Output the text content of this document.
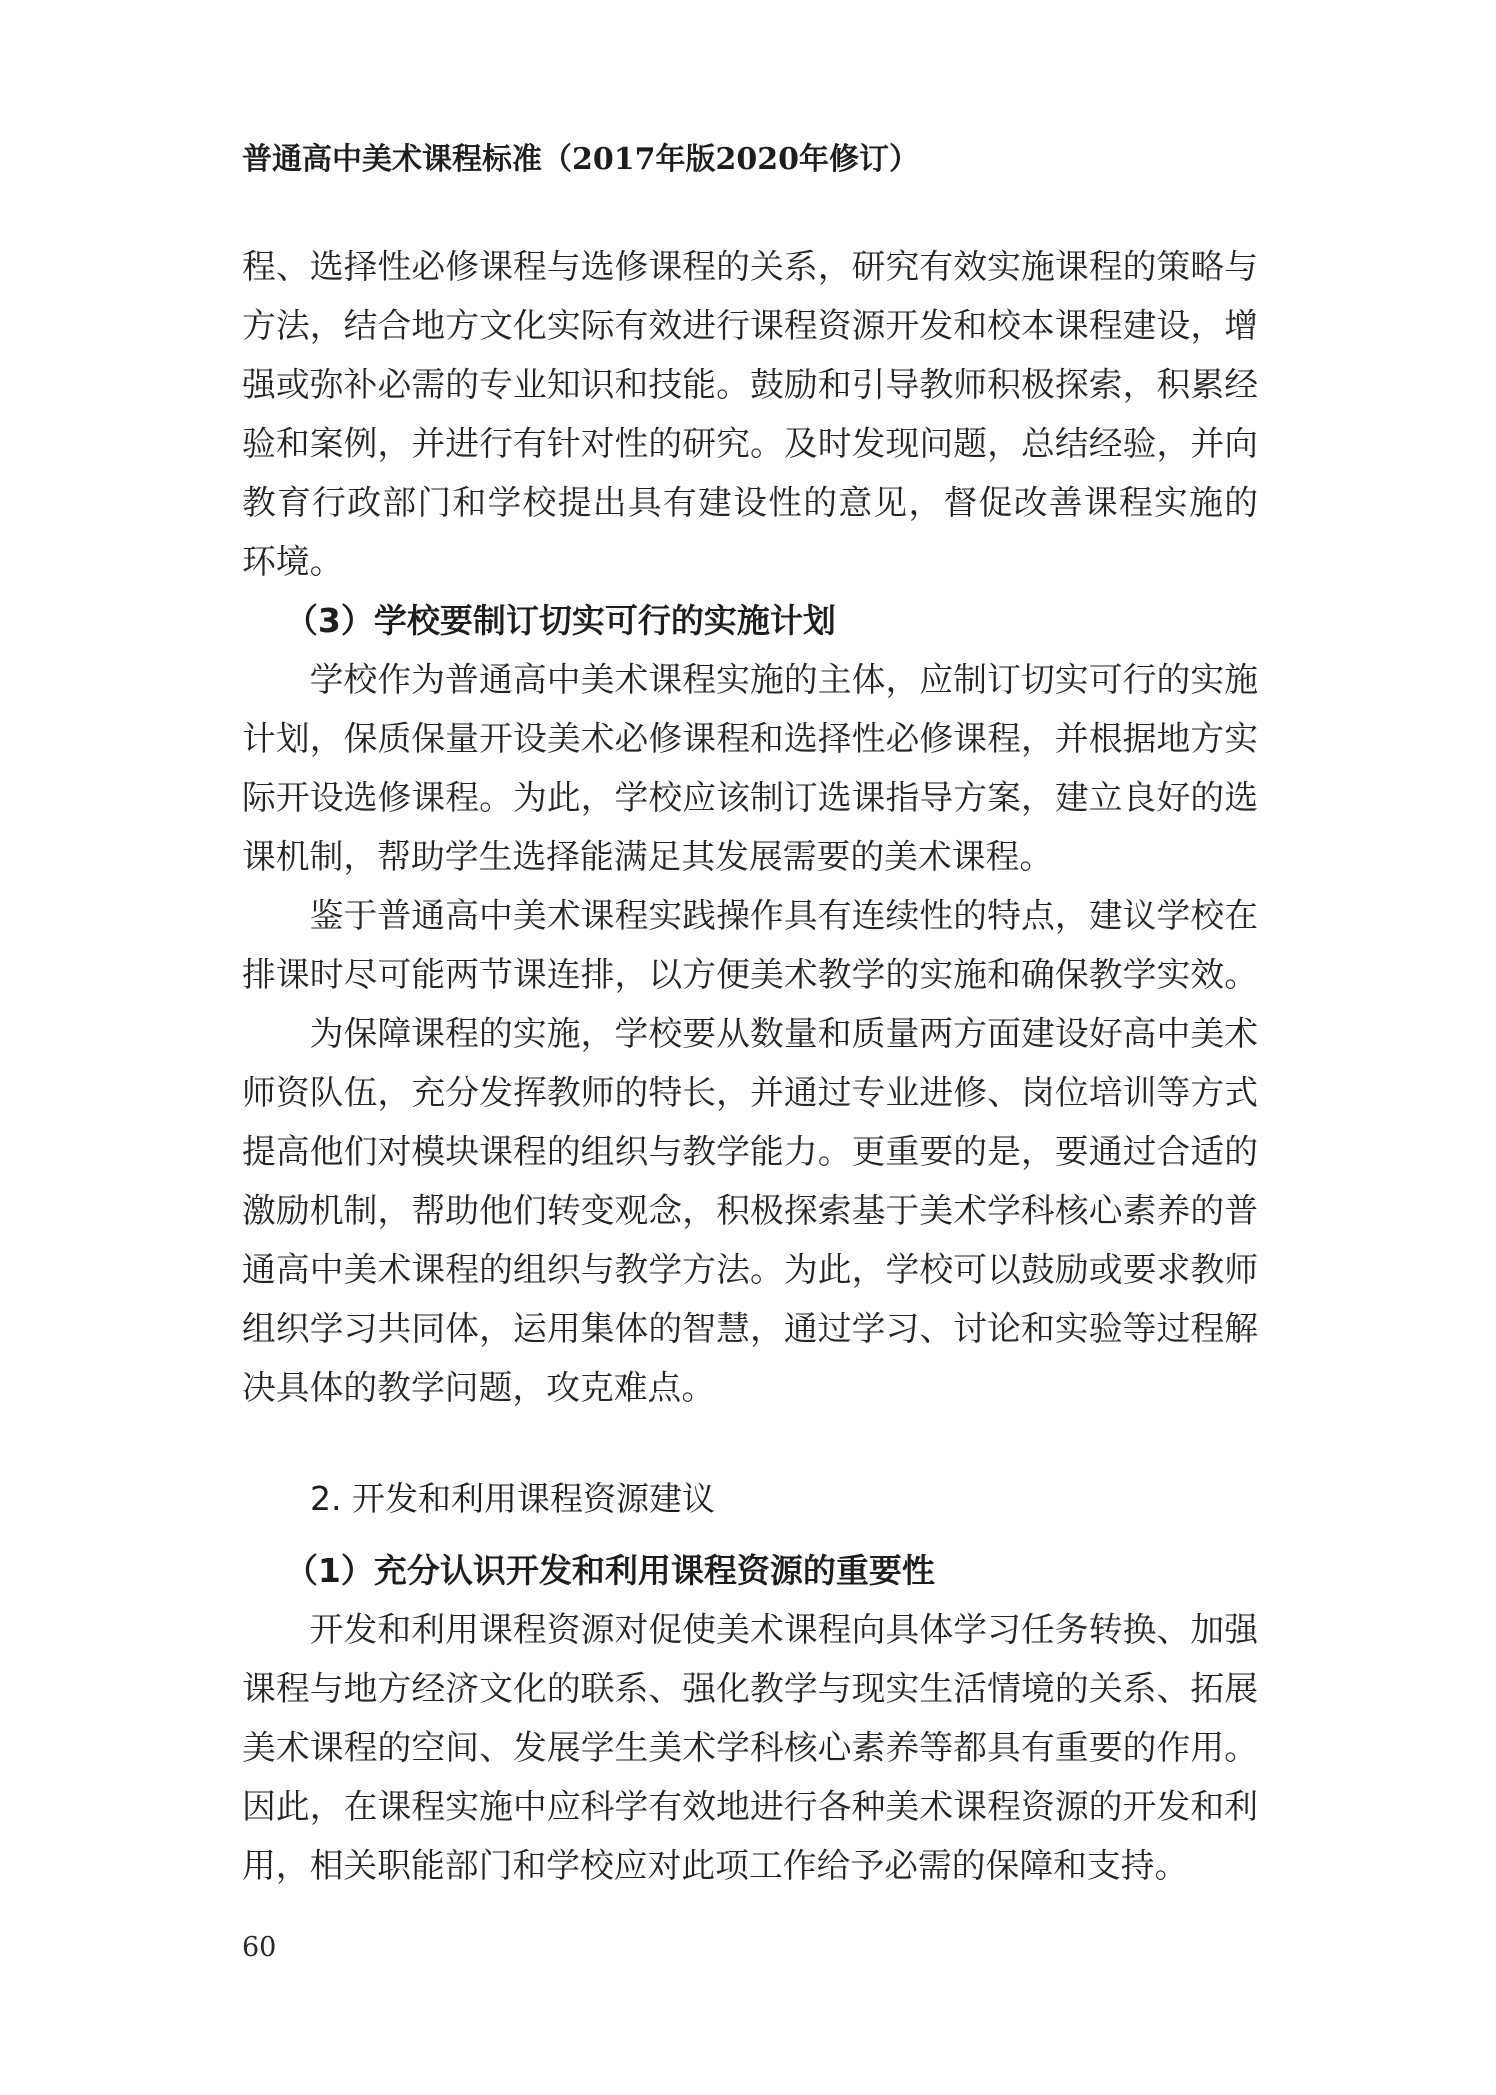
普通高中美术课程标准（2017年版2020年修订）
程、选择性必修课程与选修课程的关系，研究有效实施课程的策略与
方法，结合地方文化实际有效进行课程资源开发和校本课程建设，增
强或弥补必需的专业知识和技能。鼓励和引导教师积极探索，积累经
验和案例，并进行有针对性的研究。及时发现问题，总结经验，并向
教育行政部门和学校提出具有建设性的意见，督促改善课程实施的
环境。
（3）学校要制订切实可行的实施计划
学校作为普通高中美术课程实施的主体，应制订切实可行的实施
计划，保质保量开设美术必修课程和选择性必修课程，并根据地方实
际开设选修课程。为此，学校应该制订选课指导方案，建立良好的选
课机制，帮助学生选择能满足其发展需要的美术课程。
鉴于普通高中美术课程实践操作具有连续性的特点，建议学校在
排课时尽可能两节课连排，以方便美术教学的实施和确保教学实效。
为保障课程的实施，学校要从数量和质量两方面建设好高中美术
师资队伍，充分发挥教师的特长，并通过专业进修、岗位培训等方式
提高他们对模块课程的组织与教学能力。更重要的是，要通过合适的
激励机制，帮助他们转变观念，积极探索基于美术学科核心素养的普
通高中美术课程的组织与教学方法。为此，学校可以鼓励或要求教师
组织学习共同体，运用集体的智慧，通过学习、讨论和实验等过程解
决具体的教学问题，攻克难点。
2. 开发和利用课程资源建议
（1）充分认识开发和利用课程资源的重要性
开发和利用课程资源对促使美术课程向具体学习任务转换、加强
课程与地方经济文化的联系、强化教学与现实生活情境的关系、拓展
美术课程的空间、发展学生美术学科核心素养等都具有重要的作用。
因此，在课程实施中应科学有效地进行各种美术课程资源的开发和利
用，相关职能部门和学校应对此项工作给予必需的保障和支持。
60
